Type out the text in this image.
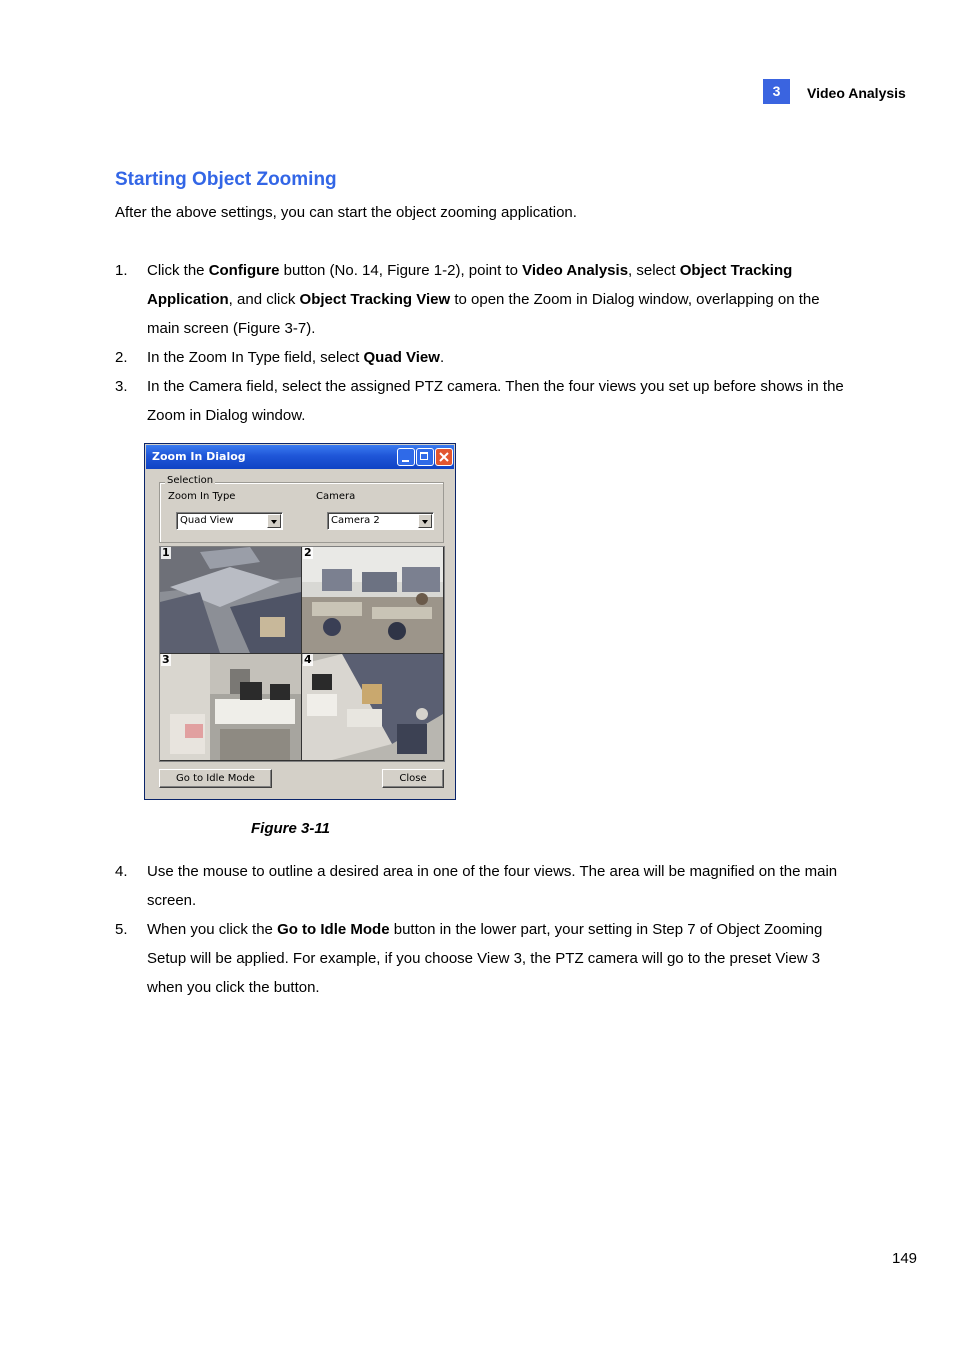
3	Video Analysis
Starting Object Zooming
After the above settings, you can start the object zooming application.
1. Click the Configure button (No. 14, Figure 1-2), point to Video Analysis, select Object Tracking Application, and click Object Tracking View to open the Zoom in Dialog window, overlapping on the main screen (Figure 3-7).
2. In the Zoom In Type field, select Quad View.
3. In the Camera field, select the assigned PTZ camera. Then the four views you set up before shows in the Zoom in Dialog window.
Zoom In Dialog
Selection
Zoom In Type	Camera
Quad View	Camera 2
1	2
3	4
Go to Idle Mode	Close
Figure 3-11
4. Use the mouse to outline a desired area in one of the four views. The area will be magnified on the main screen.
5. When you click the Go to Idle Mode button in the lower part, your setting in Step 7 of Object Zooming Setup will be applied. For example, if you choose View 3, the PTZ camera will go to the preset View 3 when you click the button.
149
